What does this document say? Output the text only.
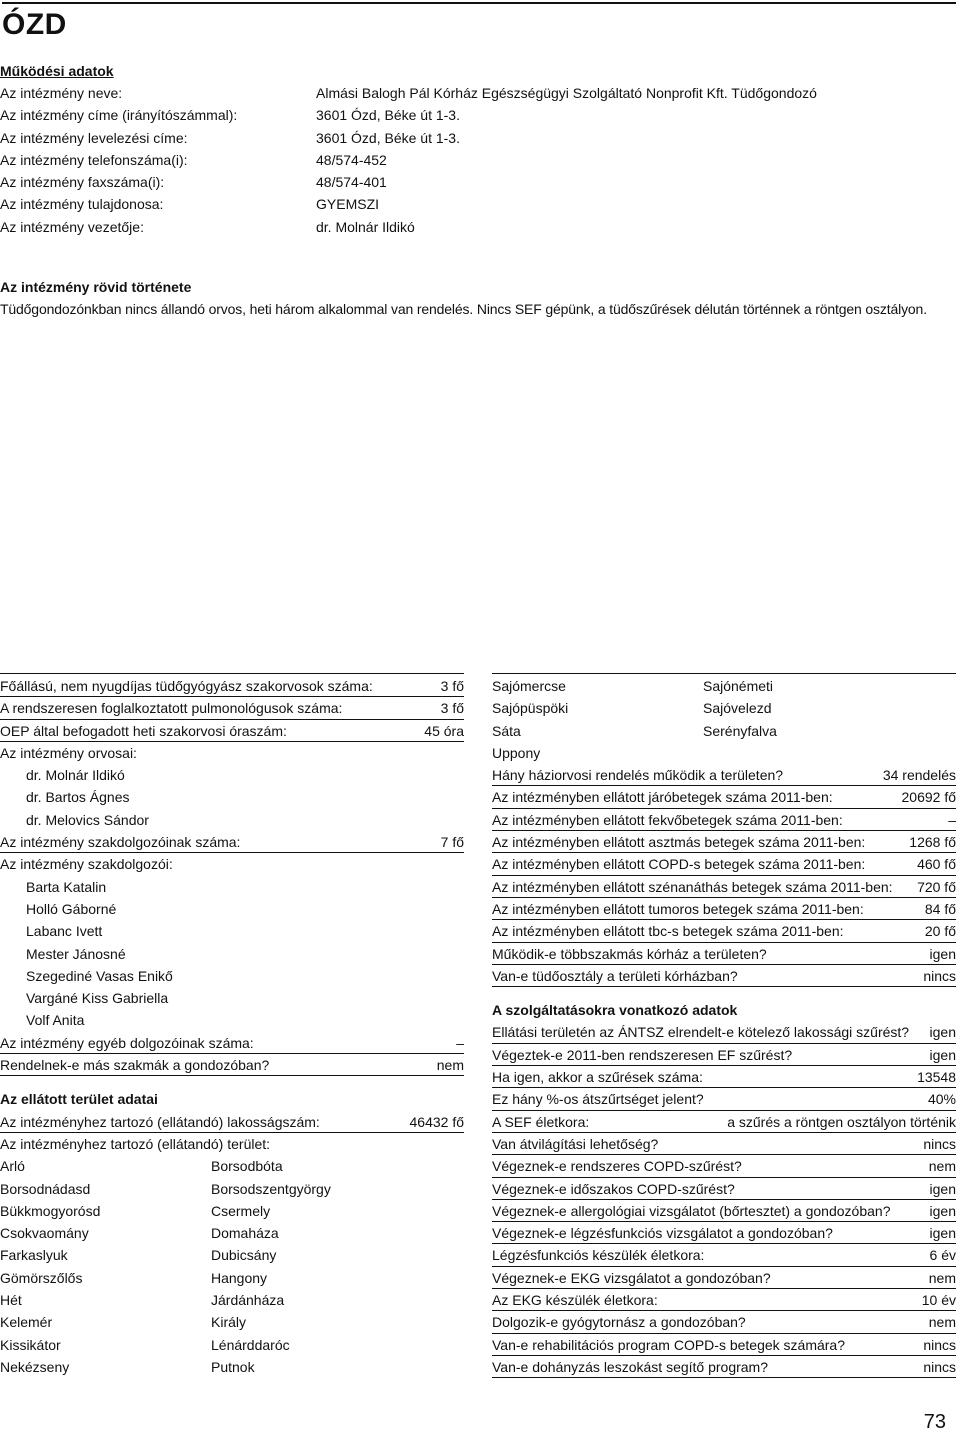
ÓZD
Működési adatok
Az intézmény neve:	Almási Balogh Pál Kórház Egészségügyi Szolgáltató Nonprofit Kft. Tüdőgondozó
Az intézmény címe (irányítószámmal):	3601 Ózd, Béke út 1-3.
Az intézmény levelezési címe:	3601 Ózd, Béke út 1-3.
Az intézmény telefonszáma(i):	48/574-452
Az intézmény faxszáma(i):	48/574-401
Az intézmény tulajdonosa:	GYEMSZI
Az intézmény vezetője:	dr. Molnár Ildikó
Az intézmény rövid története
Tüdőgondozónkban nincs állandó orvos, heti három alkalommal van rendelés. Nincs SEF gépünk, a tüdőszűrések délután történnek a röntgen osztályon.
Főállású, nem nyugdíjas tüdőgyógyász szakorvosok száma:	3 fő
A rendszeresen foglalkoztatott pulmonológusok száma:	3 fő
OEP által befogadott heti szakorvosi óraszám:	45 óra
Az intézmény orvosai:
dr. Molnár Ildikó
dr. Bartos Ágnes
dr. Melovics Sándor
Az intézmény szakdolgozóinak száma:	7 fő
Az intézmény szakdolgozói:
Barta Katalin
Holló Gáborné
Labanc Ivett
Mester Jánosné
Szegediné Vasas Enikő
Vargáné Kiss Gabriella
Volf Anita
Az intézmény egyéb dolgozóinak száma:	–
Rendelnek-e más szakmák a gondozóban?	nem
Az ellátott terület adatai
Az intézményhez tartozó (ellátandó) lakosságszám:	46432 fő
Az intézményhez tartozó (ellátandó) terület:
Arló	Borsodbóta
Borsodnádasd	Borsodszentgyörgy
Bükkmogyorósd	Csermely
Csokvaomány	Domaháza
Farkaslyuk	Dubicsány
Gömörszőlős	Hangony
Hét	Járdánháza
Kelemér	Király
Kissikátor	Lénárddaróc
Nekézseny	Putnok
Sajómercse	Sajónémeti
Sajópüspöki	Sajóvelezd
Sáta	Serényfalva
Uppony
Hány háziorvosi rendelés működik a területen?	34 rendelés
Az intézményben ellátott járóbetegek száma 2011-ben:	20692 fő
Az intézményben ellátott fekvőbetegek száma 2011-ben:	–
Az intézményben ellátott asztmás betegek száma 2011-ben:	1268 fő
Az intézményben ellátott COPD-s betegek száma 2011-ben:	460 fő
Az intézményben ellátott szénanáthás betegek száma 2011-ben: 720 fő
Az intézményben ellátott tumoros betegek száma 2011-ben:	84 fő
Az intézményben ellátott tbc-s betegek száma 2011-ben:	20 fő
Működik-e többszakmás kórház a területen?	igen
Van-e tüdőosztály a területi kórházban?	nincs
A szolgáltatásokra vonatkozó adatok
Ellátási területén az ÁNTSZ elrendelt-e kötelező lakossági szűrést? igen
Végeztek-e 2011-ben rendszeresen EF szűrést?	igen
Ha igen, akkor a szűrések száma:	13548
Ez hány %-os átszűrtséget jelent?	40%
A SEF életkora:	a szűrés a röntgen osztályon történik
Van átvilágítási lehetőség?	nincs
Végeznek-e rendszeres COPD-szűrést?	nem
Végeznek-e időszakos COPD-szűrést?	igen
Végeznek-e allergológiai vizsgálatot (bőrtesztet) a gondozóban?	igen
Végeznek-e légzésfunkciós vizsgálatot a gondozóban?	igen
Légzésfunkciós készülék életkora:	6 év
Végeznek-e EKG vizsgálatot a gondozóban?	nem
Az EKG készülék életkora:	10 év
Dolgozik-e gyógytornász a gondozóban?	nem
Van-e rehabilitációs program COPD-s betegek számára?	nincs
Van-e dohányzás leszokást segítő program?	nincs
73
